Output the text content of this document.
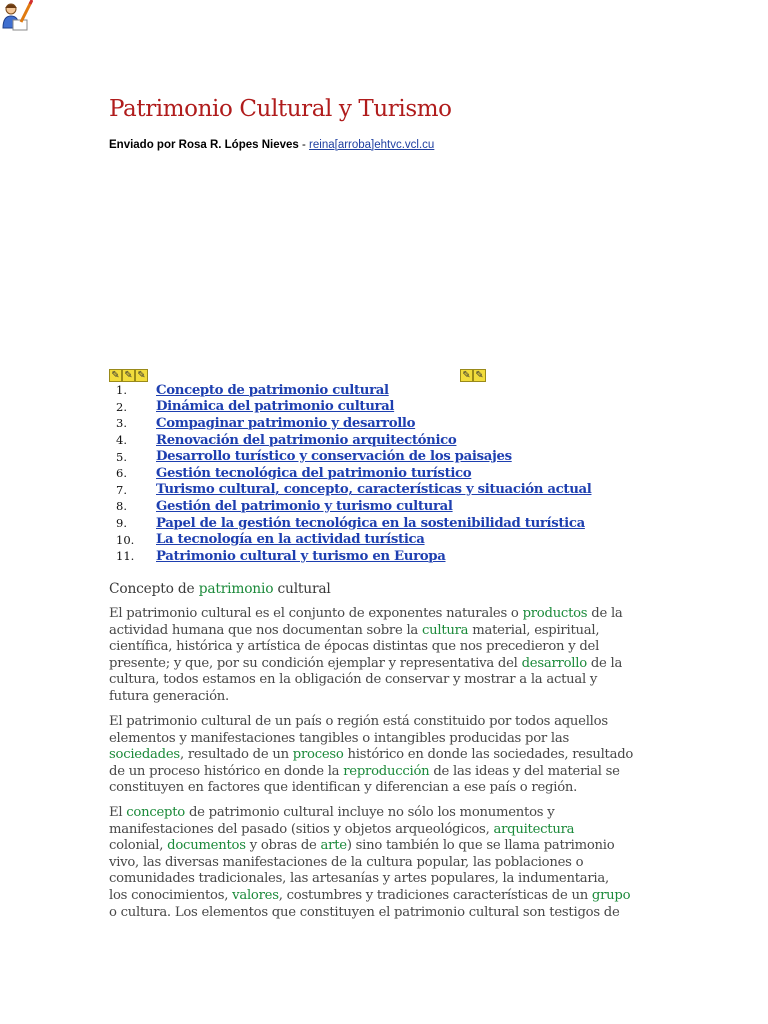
Patrimonio Cultural y Turismo

Enviado por Rosa R. Lópes Nieves - reina[arroba]ehtvc.vcl.cu

✎ ✎ ✎	✎ ✎
1.	Concepto de patrimonio cultural
2.	Dinámica del patrimonio cultural
3.	Compaginar patrimonio y desarrollo
4.	Renovación del patrimonio arquitectónico
5.	Desarrollo turístico y conservación de los paisajes
6.	Gestión tecnológica del patrimonio turístico
7.	Turismo cultural, concepto, características y situación actual
8.	Gestión del patrimonio y turismo cultural
9.	Papel de la gestión tecnológica en la sostenibilidad turística
10.	La tecnología en la actividad turística
11.	Patrimonio cultural y turismo en Europa
Concepto de patrimonio cultural

El patrimonio cultural es el conjunto de exponentes naturales o productos de la
actividad humana que nos documentan sobre la cultura material, espiritual,
científica, histórica y artística de épocas distintas que nos precedieron y del
presente; y que, por su condición ejemplar y representativa del desarrollo de la
cultura, todos estamos en la obligación de conservar y mostrar a la actual y
futura generación.

El patrimonio cultural de un país o región está constituido por todos aquellos
elementos y manifestaciones tangibles o intangibles producidas por las
sociedades, resultado de un proceso histórico en donde las sociedades, resultado
de un proceso histórico en donde la reproducción de las ideas y del material se
constituyen en factores que identifican y diferencian a ese país o región.

El concepto de patrimonio cultural incluye no sólo los monumentos y
manifestaciones del pasado (sitios y objetos arqueológicos, arquitectura
colonial, documentos y obras de arte) sino también lo que se llama patrimonio
vivo, las diversas manifestaciones de la cultura popular, las poblaciones o
comunidades tradicionales, las artesanías y artes populares, la indumentaria,
los conocimientos, valores, costumbres y tradiciones características de un grupo
o cultura. Los elementos que constituyen el patrimonio cultural son testigos de
